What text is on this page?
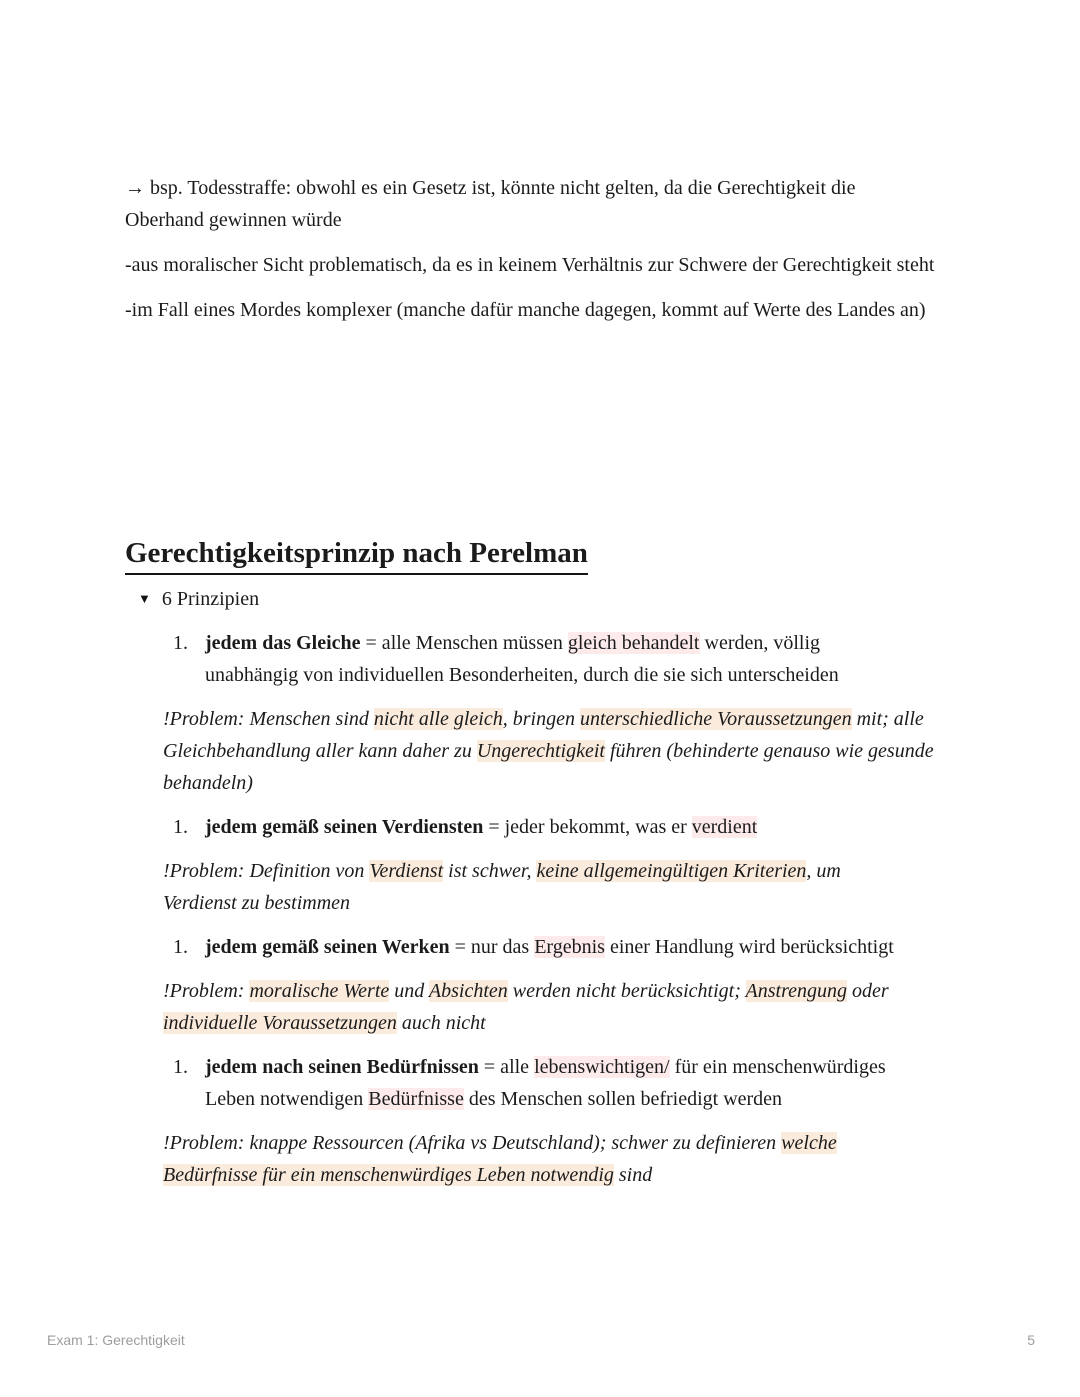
→ bsp. Todesstraffe: obwohl es ein Gesetz ist, könnte nicht gelten, da die Gerechtigkeit die Oberhand gewinnen würde

-aus moralischer Sicht problematisch, da es in keinem Verhältnis zur Schwere der Gerechtigkeit steht

-im Fall eines Mordes komplexer (manche dafür manche dagegen, kommt auf Werte des Landes an)

Gerechtigkeitsprinzip nach Perelman
▼ 6 Prinzipien
1. jedem das Gleiche = alle Menschen müssen gleich behandelt werden, völlig unabhängig von individuellen Besonderheiten, durch die sie sich unterscheiden

!Problem: Menschen sind nicht alle gleich, bringen unterschiedliche Voraussetzungen mit; alle Gleichbehandlung aller kann daher zu Ungerechtigkeit führen (behinderte genauso wie gesunde behandeln)

1. jedem gemäß seinen Verdiensten = jeder bekommt, was er verdient

!Problem: Definition von Verdienst ist schwer, keine allgemeingültigen Kriterien, um Verdienst zu bestimmen

1. jedem gemäß seinen Werken = nur das Ergebnis einer Handlung wird berücksichtigt

!Problem: moralische Werte und Absichten werden nicht berücksichtigt; Anstrengung oder individuelle Voraussetzungen auch nicht

1. jedem nach seinen Bedürfnissen = alle lebenswichtigen/ für ein menschenwürdiges Leben notwendigen Bedürfnisse des Menschen sollen befriedigt werden

!Problem: knappe Ressourcen (Afrika vs Deutschland); schwer zu definieren welche Bedürfnisse für ein menschenwürdiges Leben notwendig sind

Exam 1: Gerechtigkeit	5
